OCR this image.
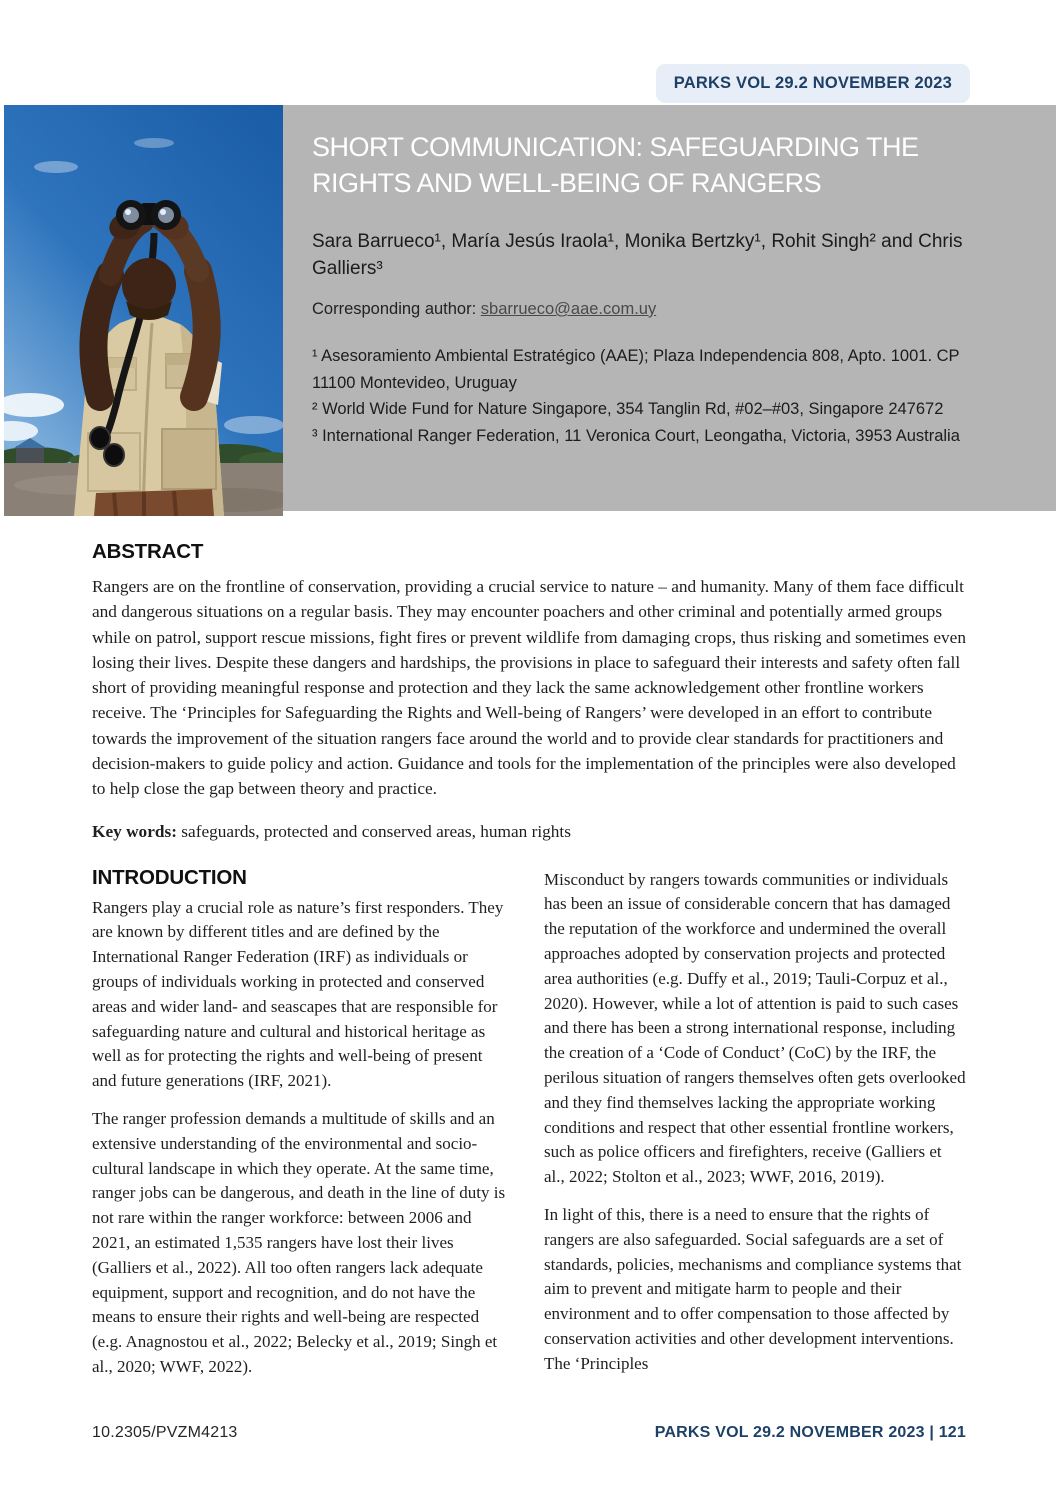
PARKS VOL 29.2 NOVEMBER 2023
SHORT COMMUNICATION: SAFEGUARDING THE RIGHTS AND WELL-BEING OF RANGERS

Sara Barrueco¹, María Jesús Iraola¹, Monika Bertzky¹, Rohit Singh² and Chris Galliers³

Corresponding author: sbarrueco@aae.com.uy

¹ Asesoramiento Ambiental Estratégico (AAE); Plaza Independencia 808, Apto. 1001. CP 11100 Montevideo, Uruguay

² World Wide Fund for Nature Singapore, 354 Tanglin Rd, #02–#03, Singapore 247672

³ International Ranger Federation, 11 Veronica Court, Leongatha, Victoria, 3953 Australia

ABSTRACT

Rangers are on the frontline of conservation, providing a crucial service to nature – and humanity. Many of them face difficult and dangerous situations on a regular basis. They may encounter poachers and other criminal and potentially armed groups while on patrol, support rescue missions, fight fires or prevent wildlife from damaging crops, thus risking and sometimes even losing their lives. Despite these dangers and hardships, the provisions in place to safeguard their interests and safety often fall short of providing meaningful response and protection and they lack the same acknowledgement other frontline workers receive. The ‘Principles for Safeguarding the Rights and Well-being of Rangers’ were developed in an effort to contribute towards the improvement of the situation rangers face around the world and to provide clear standards for practitioners and decision-makers to guide policy and action. Guidance and tools for the implementation of the principles were also developed to help close the gap between theory and practice.

Key words: safeguards, protected and conserved areas, human rights

INTRODUCTION

Rangers play a crucial role as nature’s first responders. They are known by different titles and are defined by the International Ranger Federation (IRF) as individuals or groups of individuals working in protected and conserved areas and wider land- and seascapes that are responsible for safeguarding nature and cultural and historical heritage as well as for protecting the rights and well-being of present and future generations (IRF, 2021).

The ranger profession demands a multitude of skills and an extensive understanding of the environmental and socio-cultural landscape in which they operate. At the same time, ranger jobs can be dangerous, and death in the line of duty is not rare within the ranger workforce: between 2006 and 2021, an estimated 1,535 rangers have lost their lives (Galliers et al., 2022). All too often rangers lack adequate equipment, support and recognition, and do not have the means to ensure their rights and well-being are respected (e.g. Anagnostou et al., 2022; Belecky et al., 2019; Singh et al., 2020; WWF, 2022).

Misconduct by rangers towards communities or individuals has been an issue of considerable concern that has damaged the reputation of the workforce and undermined the overall approaches adopted by conservation projects and protected area authorities (e.g. Duffy et al., 2019; Tauli-Corpuz et al., 2020). However, while a lot of attention is paid to such cases and there has been a strong international response, including the creation of a ‘Code of Conduct’ (CoC) by the IRF, the perilous situation of rangers themselves often gets overlooked and they find themselves lacking the appropriate working conditions and respect that other essential frontline workers, such as police officers and firefighters, receive (Galliers et al., 2022; Stolton et al., 2023; WWF, 2016, 2019).

In light of this, there is a need to ensure that the rights of rangers are also safeguarded. Social safeguards are a set of standards, policies, mechanisms and compliance systems that aim to prevent and mitigate harm to people and their environment and to offer compensation to those affected by conservation activities and other development interventions. The ‘Principles

10.2305/PVZM4213	PARKS VOL 29.2 NOVEMBER 2023 | 121
